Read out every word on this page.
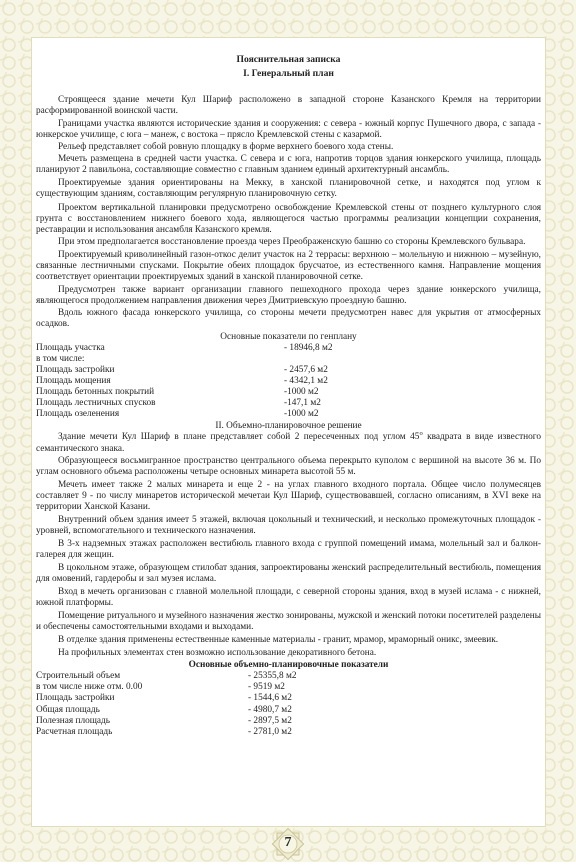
Пояснительная записка
I. Генеральный план

Строящееся здание мечети Кул Шариф расположено в западной стороне Казанского Кремля на территории расформированной воинской части.

Границами участка являются исторические здания и сооружения: с севера - южный корпус Пушечного двора, с запада - юнкерское училище, с юга – манеж, с востока – прясло Кремлевской стены с казармой.

Рельеф представляет собой ровную площадку в форме верхнего боевого хода стены.

Мечеть размещена в средней части участка. С севера и с юга, напротив торцов здания юнкерского училища, площадь планируют 2 павильона, составляющие совместно с главным зданием единый архитектурный ансамбль.

Проектируемые здания ориентированы на Мекку, в ханской планировочной сетке, и находятся под углом к существующим зданиям, составляющим регулярную планировочную сетку.

Проектом вертикальной планировки предусмотрено освобождение Кремлевской стены от позднего культурного слоя грунта с восстановлением нижнего боевого хода, являющегося частью программы реализации концепции сохранения, реставрации и использования ансамбля Казанского кремля.

При этом предполагается восстановление проезда через Преображенскую башню со стороны Кремлевского бульвара.

Проектируемый криволинейный газон-откос делит участок на 2 террасы: верхнюю – молельную и нижнюю – музейную, связанные лестничными спусками. Покрытие обеих площадок брусчатое, из естественного камня. Направление мощения соответствует ориентации проектируемых зданий в ханской планировочной сетке.

Предусмотрен также вариант организации главного пешеходного прохода через здание юнкерского училища, являющегося продолжением направления движения через Дмитриевскую проездную башню.

Вдоль южного фасада юнкерского училища, со стороны мечети предусмотрен навес для укрытия от атмосферных осадков.

Основные показатели по генплану
Площадь участка	- 18946,8 м2
в том числе:
Площадь застройки	- 2457,6 м2
Площадь мощения	- 4342,1 м2
Площадь бетонных покрытий	-1000 м2
Площадь лестничных спусков	-147,1 м2
Площадь озеленения	-1000 м2
II. Объемно-планировочное решение

Здание мечети Кул Шариф в плане представляет собой 2 пересеченных под углом 45$^o$ квадрата в виде известного семантического знака.

Образующееся восьмигранное пространство центрального объема перекрыто куполом с вершиной на высоте 36 м. По углам основного объема расположены четыре основных минарета высотой 55 м.

Мечеть имеет также 2 малых минарета и еще 2 - на углах главного входного портала. Общее число полумесяцев составляет 9 - по числу минаретов исторической мечетаи Кул Шариф, существовавшей, согласно описаниям, в XVI веке на территории Ханской Казани.

Внутренний объем здания имеет 5 этажей, включая цокольный и технический, и несколько промежуточных площадок - уровней, вспомогательного и технического назначения.

В 3-х надземных этажах расположен вестибюль главного входа с группой помещений имама, молельный зал и балкон-галерея для жещин.

В цокольном этаже, образующем стилобат здания, запроектированы женский распределительный вестибюль, помещения для омовений, гардеробы и зал музея ислама.

Вход в мечеть организован с главной молельной площади, с северной стороны здания, вход в музей ислама - с нижней, южной платформы.

Помещение ритуального и музейного назначения жестко зонированы, мужской и женский потоки посетителей разделены и обеспечены самостоятельными входами и выходами.

В отделке здания применены естественные каменные материалы - гранит, мрамор, мраморный оникс, змеевик.

На профильных элементах стен возможно использование декоративного бетона.

Основные объемно-планировочные показатели
Строительный объем	- 25355,8 м2
в том числе ниже отм. 0.00	- 9519 м2
Площадь застройки	- 1544,6 м2
Общая площадь	- 4980,7 м2
Полезная площадь	- 2897,5 м2
Расчетная площадь	- 2781,0 м2
7
